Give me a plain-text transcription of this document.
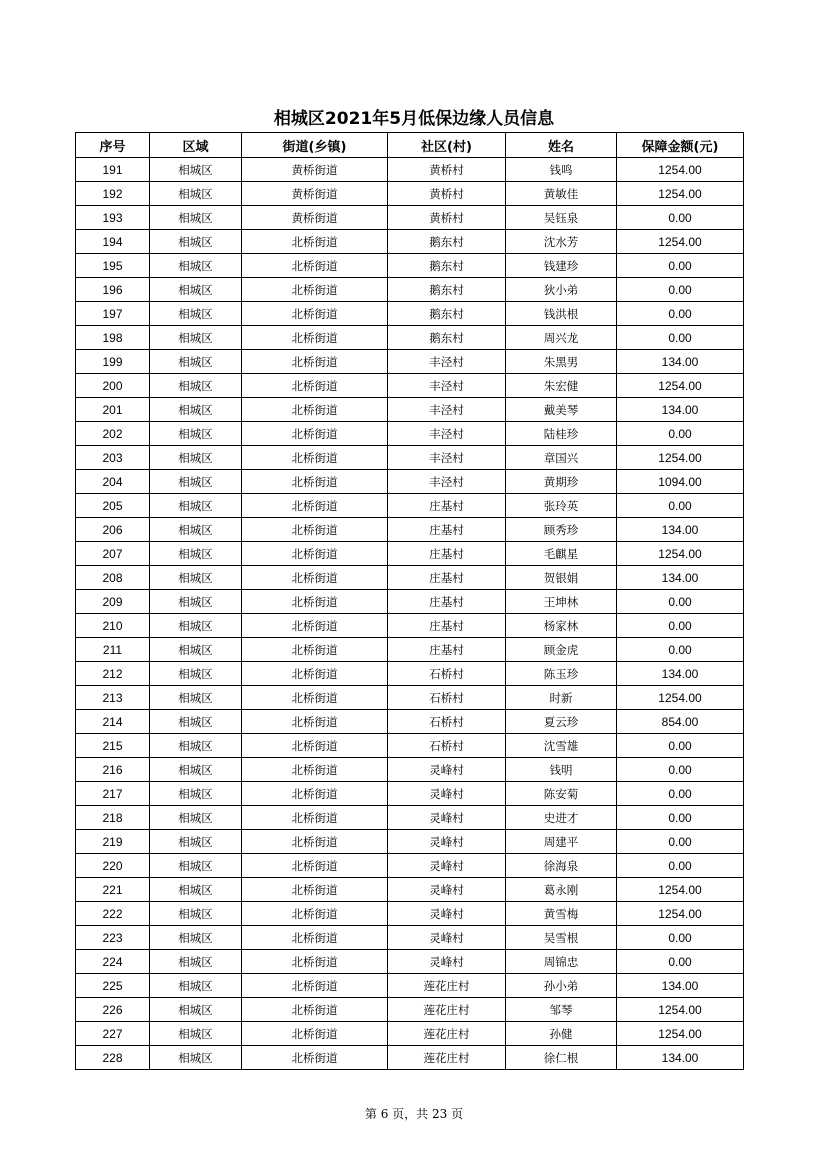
相城区2021年5月低保边缘人员信息
序号	区域	街道(乡镇)	社区(村)	姓名	保障金额(元)
191	相城区	黄桥街道	黄桥村	钱鸣	1254.00
192	相城区	黄桥街道	黄桥村	黄敏佳	1254.00
193	相城区	黄桥街道	黄桥村	吴钰泉	0.00
194	相城区	北桥街道	鹅东村	沈水芳	1254.00
195	相城区	北桥街道	鹅东村	钱建珍	0.00
196	相城区	北桥街道	鹅东村	狄小弟	0.00
197	相城区	北桥街道	鹅东村	钱洪根	0.00
198	相城区	北桥街道	鹅东村	周兴龙	0.00
199	相城区	北桥街道	丰泾村	朱黑男	134.00
200	相城区	北桥街道	丰泾村	朱宏健	1254.00
201	相城区	北桥街道	丰泾村	戴美琴	134.00
202	相城区	北桥街道	丰泾村	陆桂珍	0.00
203	相城区	北桥街道	丰泾村	章国兴	1254.00
204	相城区	北桥街道	丰泾村	黄期珍	1094.00
205	相城区	北桥街道	庄基村	张玲英	0.00
206	相城区	北桥街道	庄基村	顾秀珍	134.00
207	相城区	北桥街道	庄基村	毛麒星	1254.00
208	相城区	北桥街道	庄基村	贺银娟	134.00
209	相城区	北桥街道	庄基村	王坤林	0.00
210	相城区	北桥街道	庄基村	杨家林	0.00
211	相城区	北桥街道	庄基村	顾金虎	0.00
212	相城区	北桥街道	石桥村	陈玉珍	134.00
213	相城区	北桥街道	石桥村	时新	1254.00
214	相城区	北桥街道	石桥村	夏云珍	854.00
215	相城区	北桥街道	石桥村	沈雪雄	0.00
216	相城区	北桥街道	灵峰村	钱明	0.00
217	相城区	北桥街道	灵峰村	陈安菊	0.00
218	相城区	北桥街道	灵峰村	史进才	0.00
219	相城区	北桥街道	灵峰村	周建平	0.00
220	相城区	北桥街道	灵峰村	徐海泉	0.00
221	相城区	北桥街道	灵峰村	葛永刚	1254.00
222	相城区	北桥街道	灵峰村	黄雪梅	1254.00
223	相城区	北桥街道	灵峰村	吴雪根	0.00
224	相城区	北桥街道	灵峰村	周锦忠	0.00
225	相城区	北桥街道	莲花庄村	孙小弟	134.00
226	相城区	北桥街道	莲花庄村	邹琴	1254.00
227	相城区	北桥街道	莲花庄村	孙健	1254.00
228	相城区	北桥街道	莲花庄村	徐仁根	134.00
第 6 页，共 23 页
